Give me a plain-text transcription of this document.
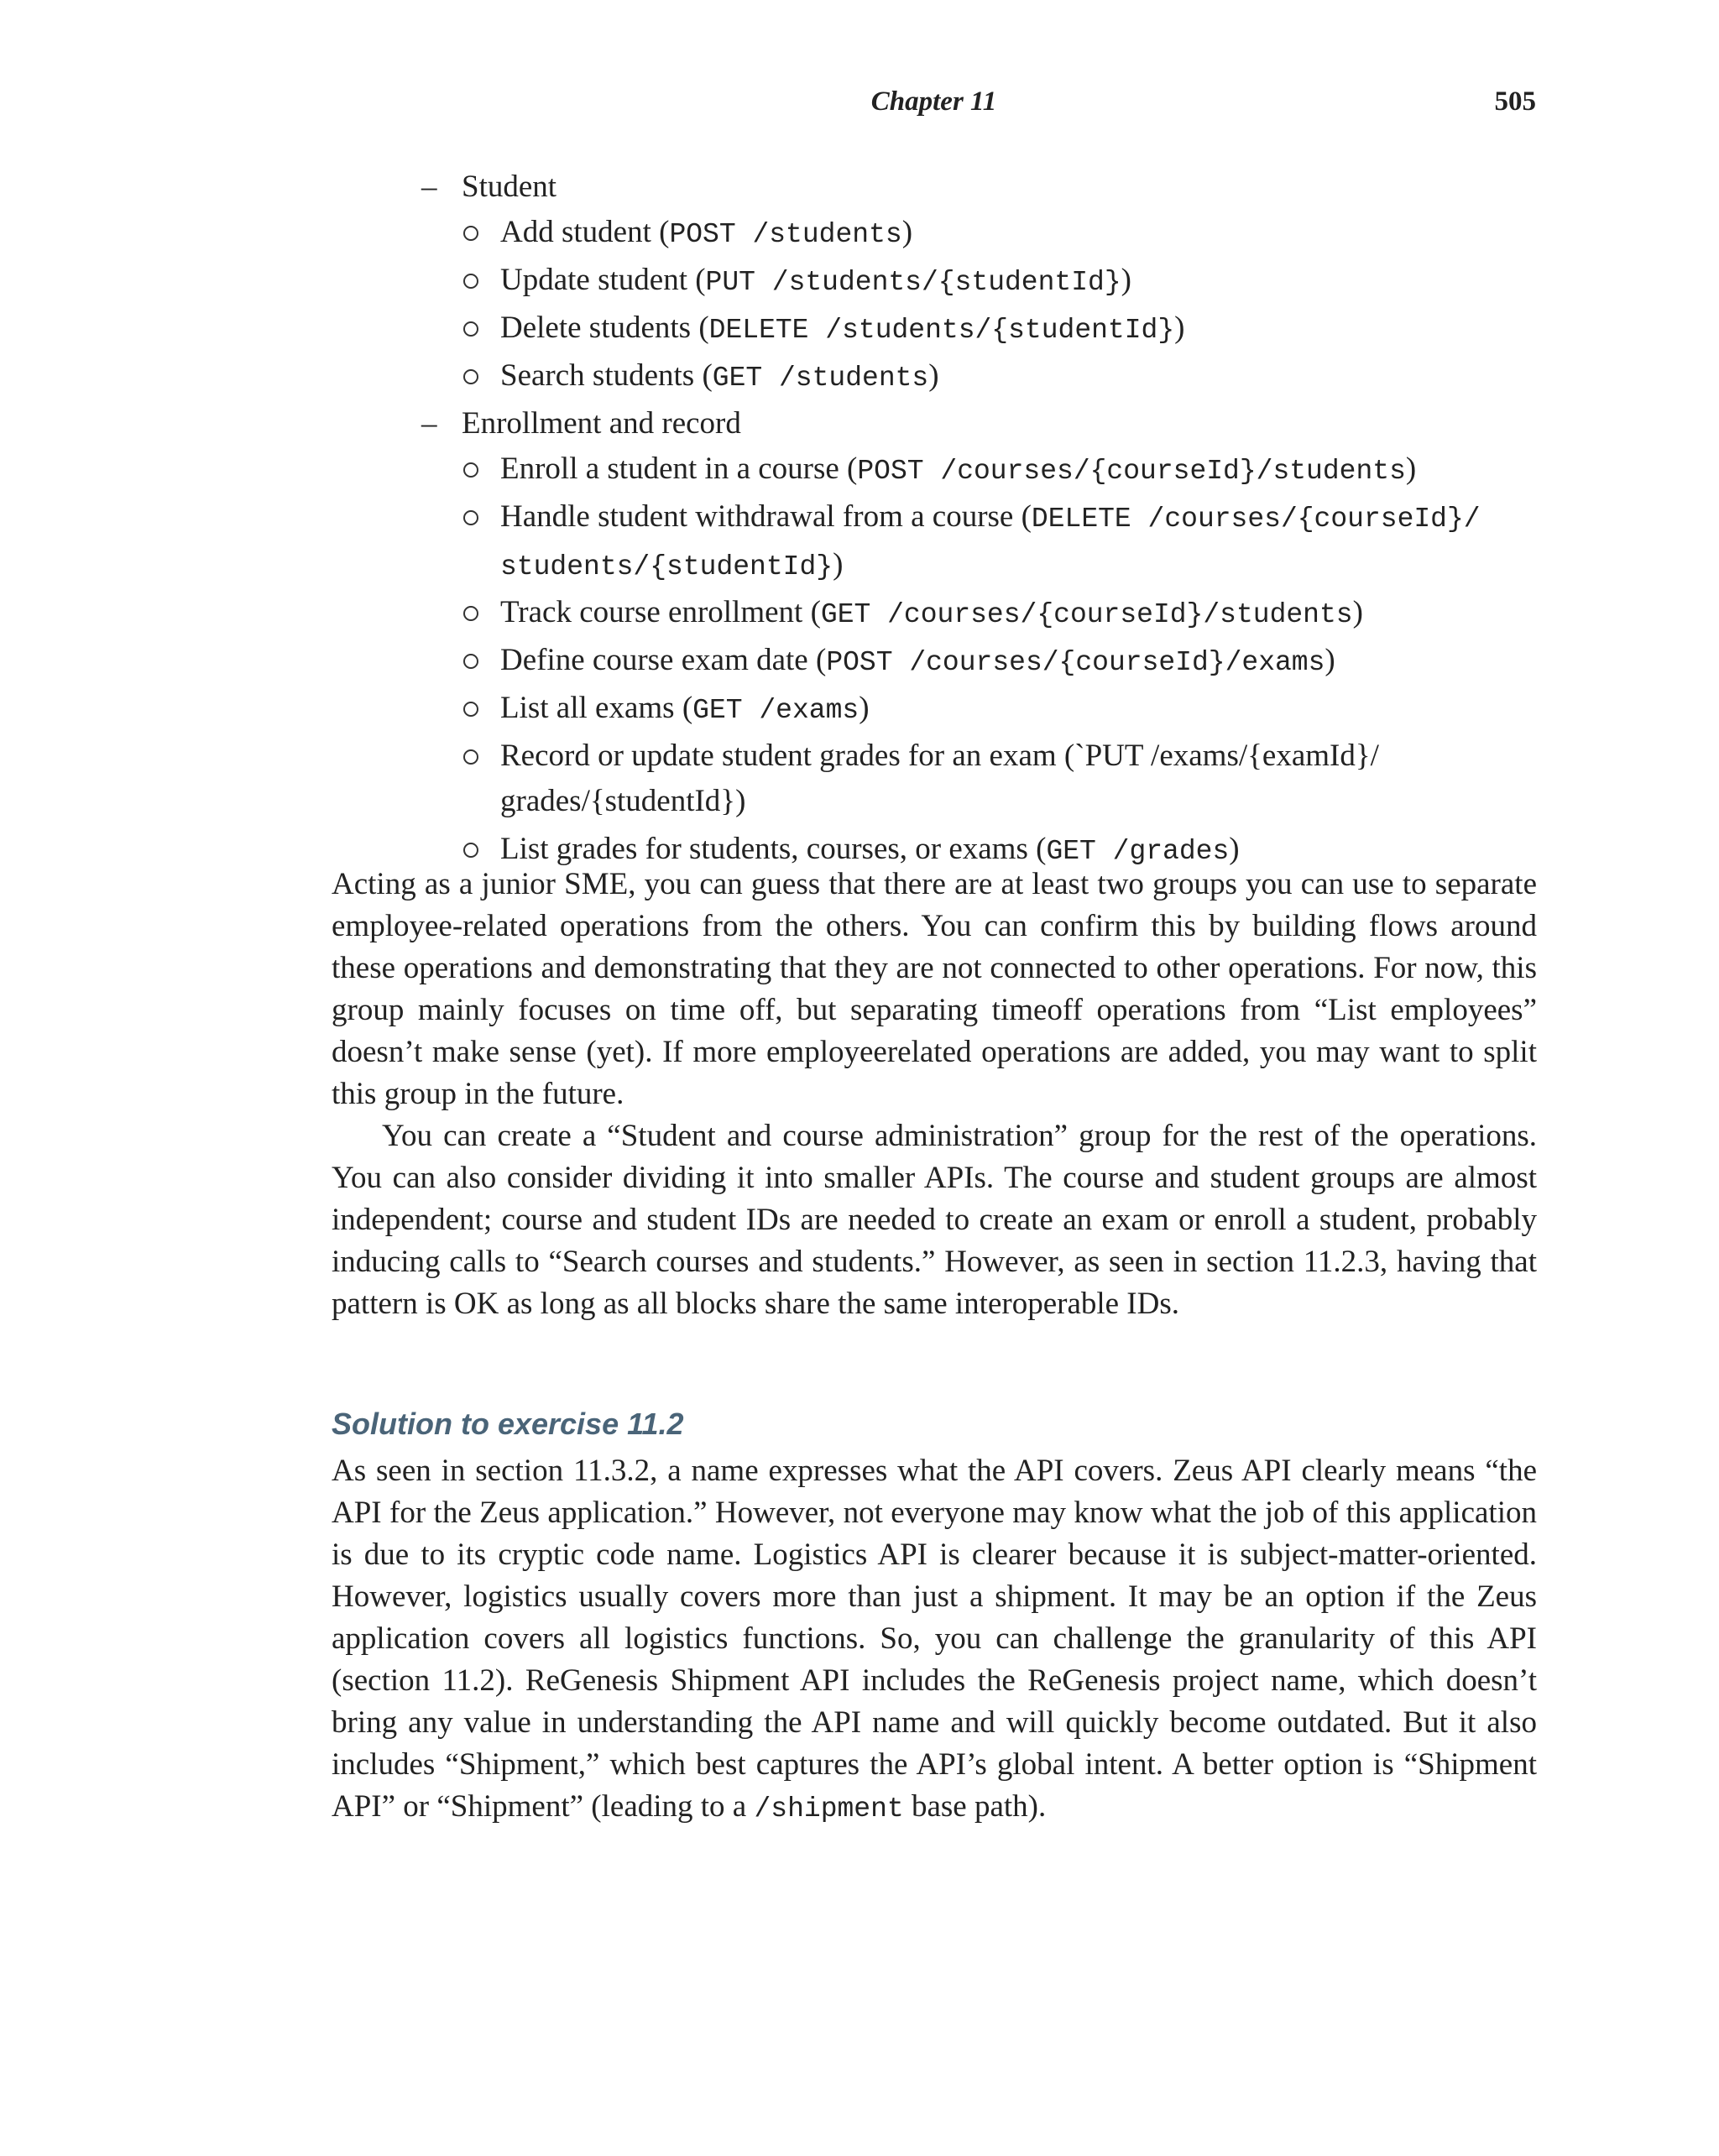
Chapter 11	505
– Student
Add student (POST /students)
Update student (PUT /students/{studentId})
Delete students (DELETE /students/{studentId})
Search students (GET /students)
– Enrollment and record
Enroll a student in a course (POST /courses/{courseId}/students)
Handle student withdrawal from a course (DELETE /courses/{courseId}/ students/{studentId})
Track course enrollment (GET /courses/{courseId}/students)
Define course exam date (POST /courses/{courseId}/exams)
List all exams (GET /exams)
Record or update student grades for an exam (`PUT /exams/{examId}/ grades/{studentId})
List grades for students, courses, or exams (GET /grades)

Acting as a junior SME, you can guess that there are at least two groups you can use to separate employee-related operations from the others. You can confirm this by building flows around these operations and demonstrating that they are not connected to other operations. For now, this group mainly focuses on time off, but separating timeoff operations from “List employees” doesn’t make sense (yet). If more employeerelated operations are added, you may want to split this group in the future.

You can create a “Student and course administration” group for the rest of the operations. You can also consider dividing it into smaller APIs. The course and student groups are almost independent; course and student IDs are needed to create an exam or enroll a student, probably inducing calls to “Search courses and students.” However, as seen in section 11.2.3, having that pattern is OK as long as all blocks share the same interoperable IDs.

Solution to exercise 11.2

As seen in section 11.3.2, a name expresses what the API covers. Zeus API clearly means “the API for the Zeus application.” However, not everyone may know what the job of this application is due to its cryptic code name. Logistics API is clearer because it is subject-matter-oriented. However, logistics usually covers more than just a shipment. It may be an option if the Zeus application covers all logistics functions. So, you can challenge the granularity of this API (section 11.2). ReGenesis Shipment API includes the ReGenesis project name, which doesn’t bring any value in understanding the API name and will quickly become outdated. But it also includes “Shipment,” which best captures the API’s global intent. A better option is “Shipment API” or “Shipment” (leading to a /shipment base path).
